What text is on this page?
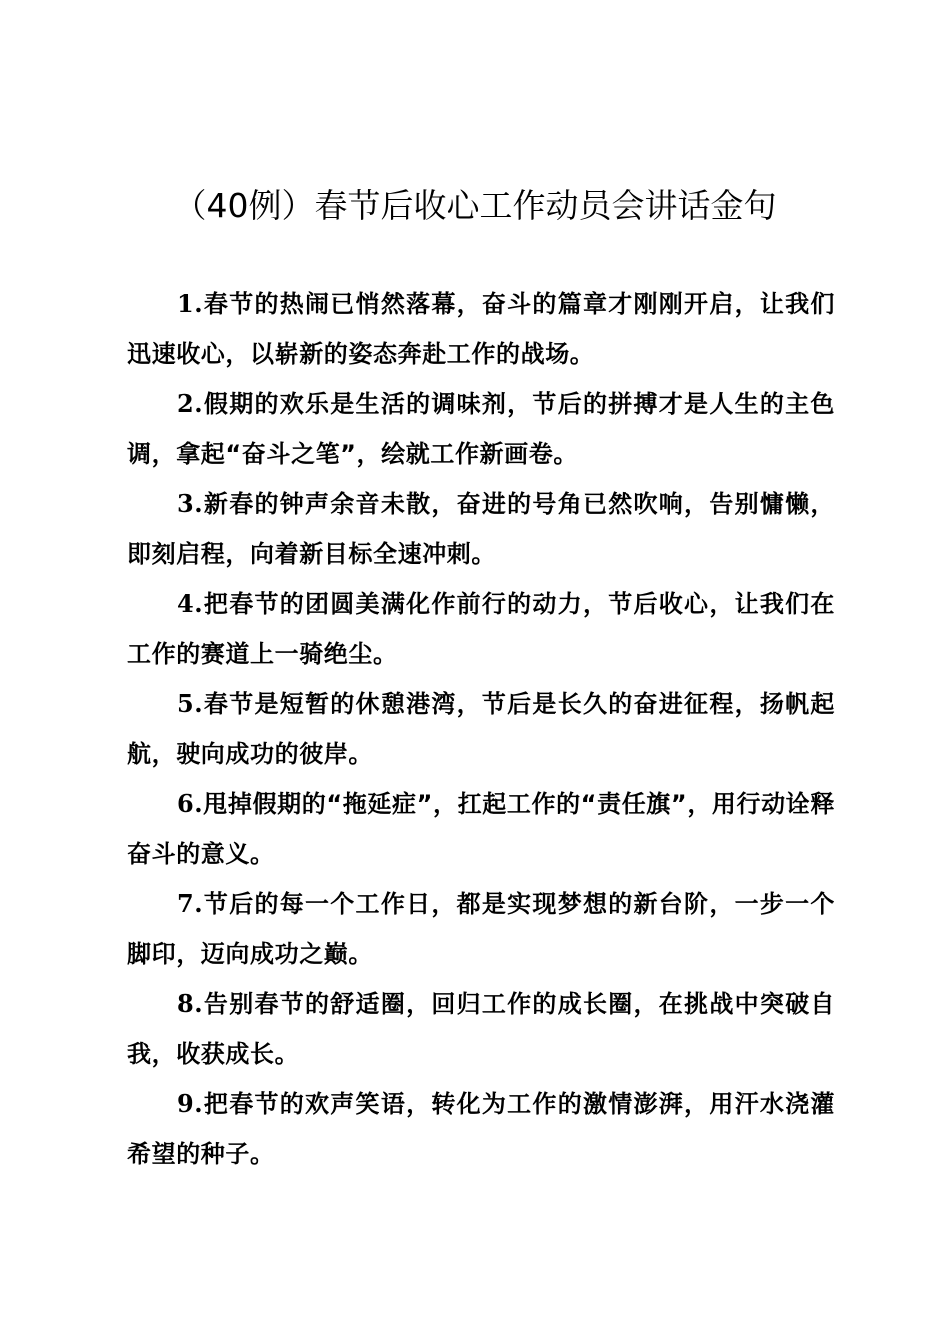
（40例）春节后收心工作动员会讲话金句

1.春节的热闹已悄然落幕，奋斗的篇章才刚刚开启，让我们迅速收心，以崭新的姿态奔赴工作的战场。

2.假期的欢乐是生活的调味剂，节后的拼搏才是人生的主色调，拿起“奋斗之笔”，绘就工作新画卷。

3.新春的钟声余音未散，奋进的号角已然吹响，告别慵懒，即刻启程，向着新目标全速冲刺。

4.把春节的团圆美满化作前行的动力，节后收心，让我们在工作的赛道上一骑绝尘。

5.春节是短暂的休憩港湾，节后是长久的奋进征程，扬帆起航，驶向成功的彼岸。

6.甩掉假期的“拖延症”，扛起工作的“责任旗”，用行动诠释奋斗的意义。

7.节后的每一个工作日，都是实现梦想的新台阶，一步一个脚印，迈向成功之巅。

8.告别春节的舒适圈，回归工作的成长圈，在挑战中突破自我，收获成长。

9.把春节的欢声笑语，转化为工作的激情澎湃，用汗水浇灌希望的种子。
